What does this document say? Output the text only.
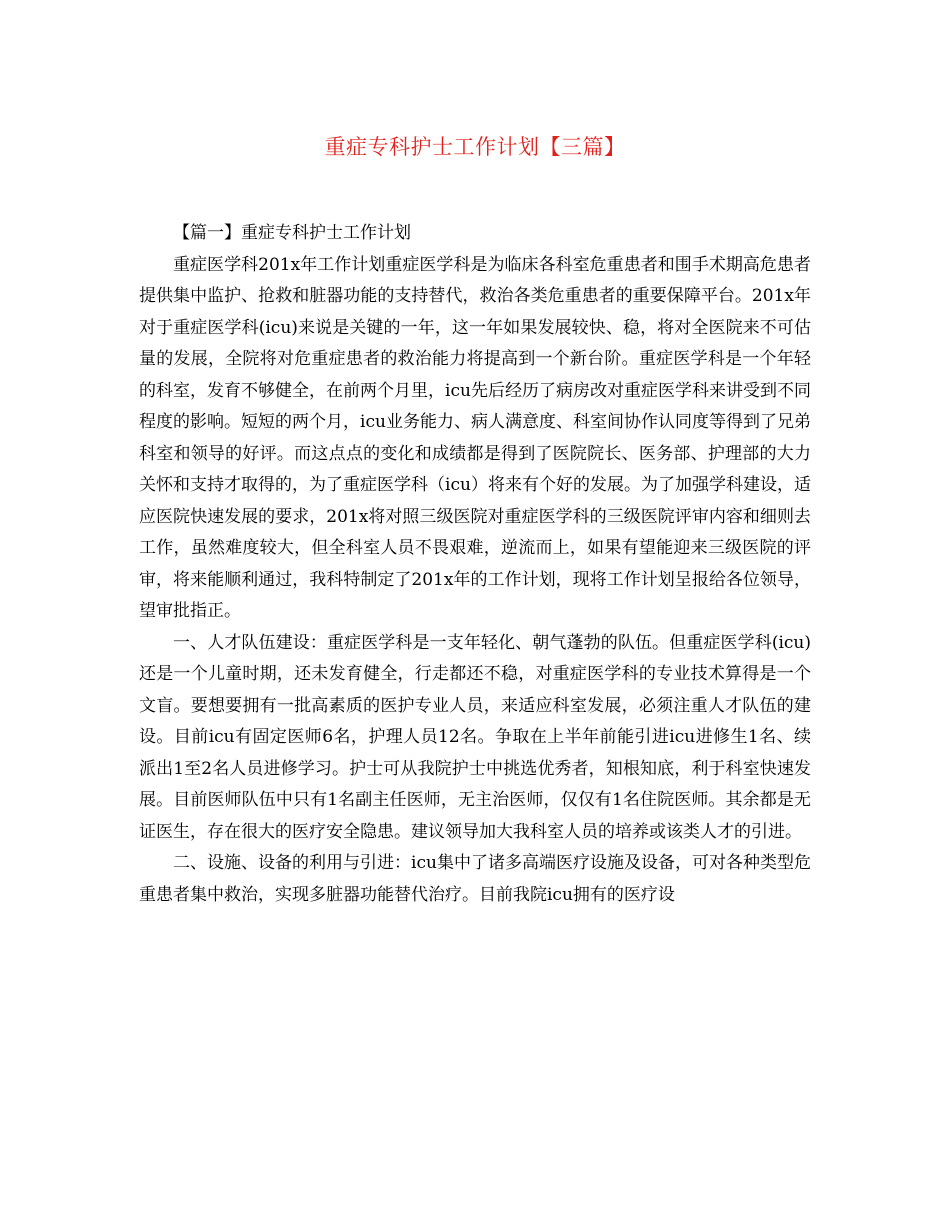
重症专科护士工作计划【三篇】

【篇一】重症专科护士工作计划

重症医学科201x年工作计划重症医学科是为临床各科室危重患者和围手术期高危患者提供集中监护、抢救和脏器功能的支持替代，救治各类危重患者的重要保障平台。201x年对于重症医学科(icu)来说是关键的一年，这一年如果发展较快、稳，将对全医院来不可估量的发展，全院将对危重症患者的救治能力将提高到一个新台阶。重症医学科是一个年轻的科室，发育不够健全，在前两个月里，icu先后经历了病房改对重症医学科来讲受到不同程度的影响。短短的两个月，icu业务能力、病人满意度、科室间协作认同度等得到了兄弟科室和领导的好评。而这点点的变化和成绩都是得到了医院院长、医务部、护理部的大力关怀和支持才取得的，为了重症医学科（icu）将来有个好的发展。为了加强学科建设，适应医院快速发展的要求，201x将对照三级医院对重症医学科的三级医院评审内容和细则去工作，虽然难度较大，但全科室人员不畏艰难，逆流而上，如果有望能迎来三级医院的评审，将来能顺利通过，我科特制定了201x年的工作计划，现将工作计划呈报给各位领导，望审批指正。

一、人才队伍建设：重症医学科是一支年轻化、朝气蓬勃的队伍。但重症医学科(icu)还是一个儿童时期，还未发育健全，行走都还不稳，对重症医学科的专业技术算得是一个文盲。要想要拥有一批高素质的医护专业人员，来适应科室发展，必须注重人才队伍的建设。目前icu有固定医师6名，护理人员12名。争取在上半年前能引进icu进修生1名、续派出1至2名人员进修学习。护士可从我院护士中挑选优秀者，知根知底，利于科室快速发展。目前医师队伍中只有1名副主任医师，无主治医师，仅仅有1名住院医师。其余都是无证医生，存在很大的医疗安全隐患。建议领导加大我科室人员的培养或该类人才的引进。

二、设施、设备的利用与引进：icu集中了诸多高端医疗设施及设备，可对各种类型危重患者集中救治，实现多脏器功能替代治疗。目前我院icu拥有的医疗设
